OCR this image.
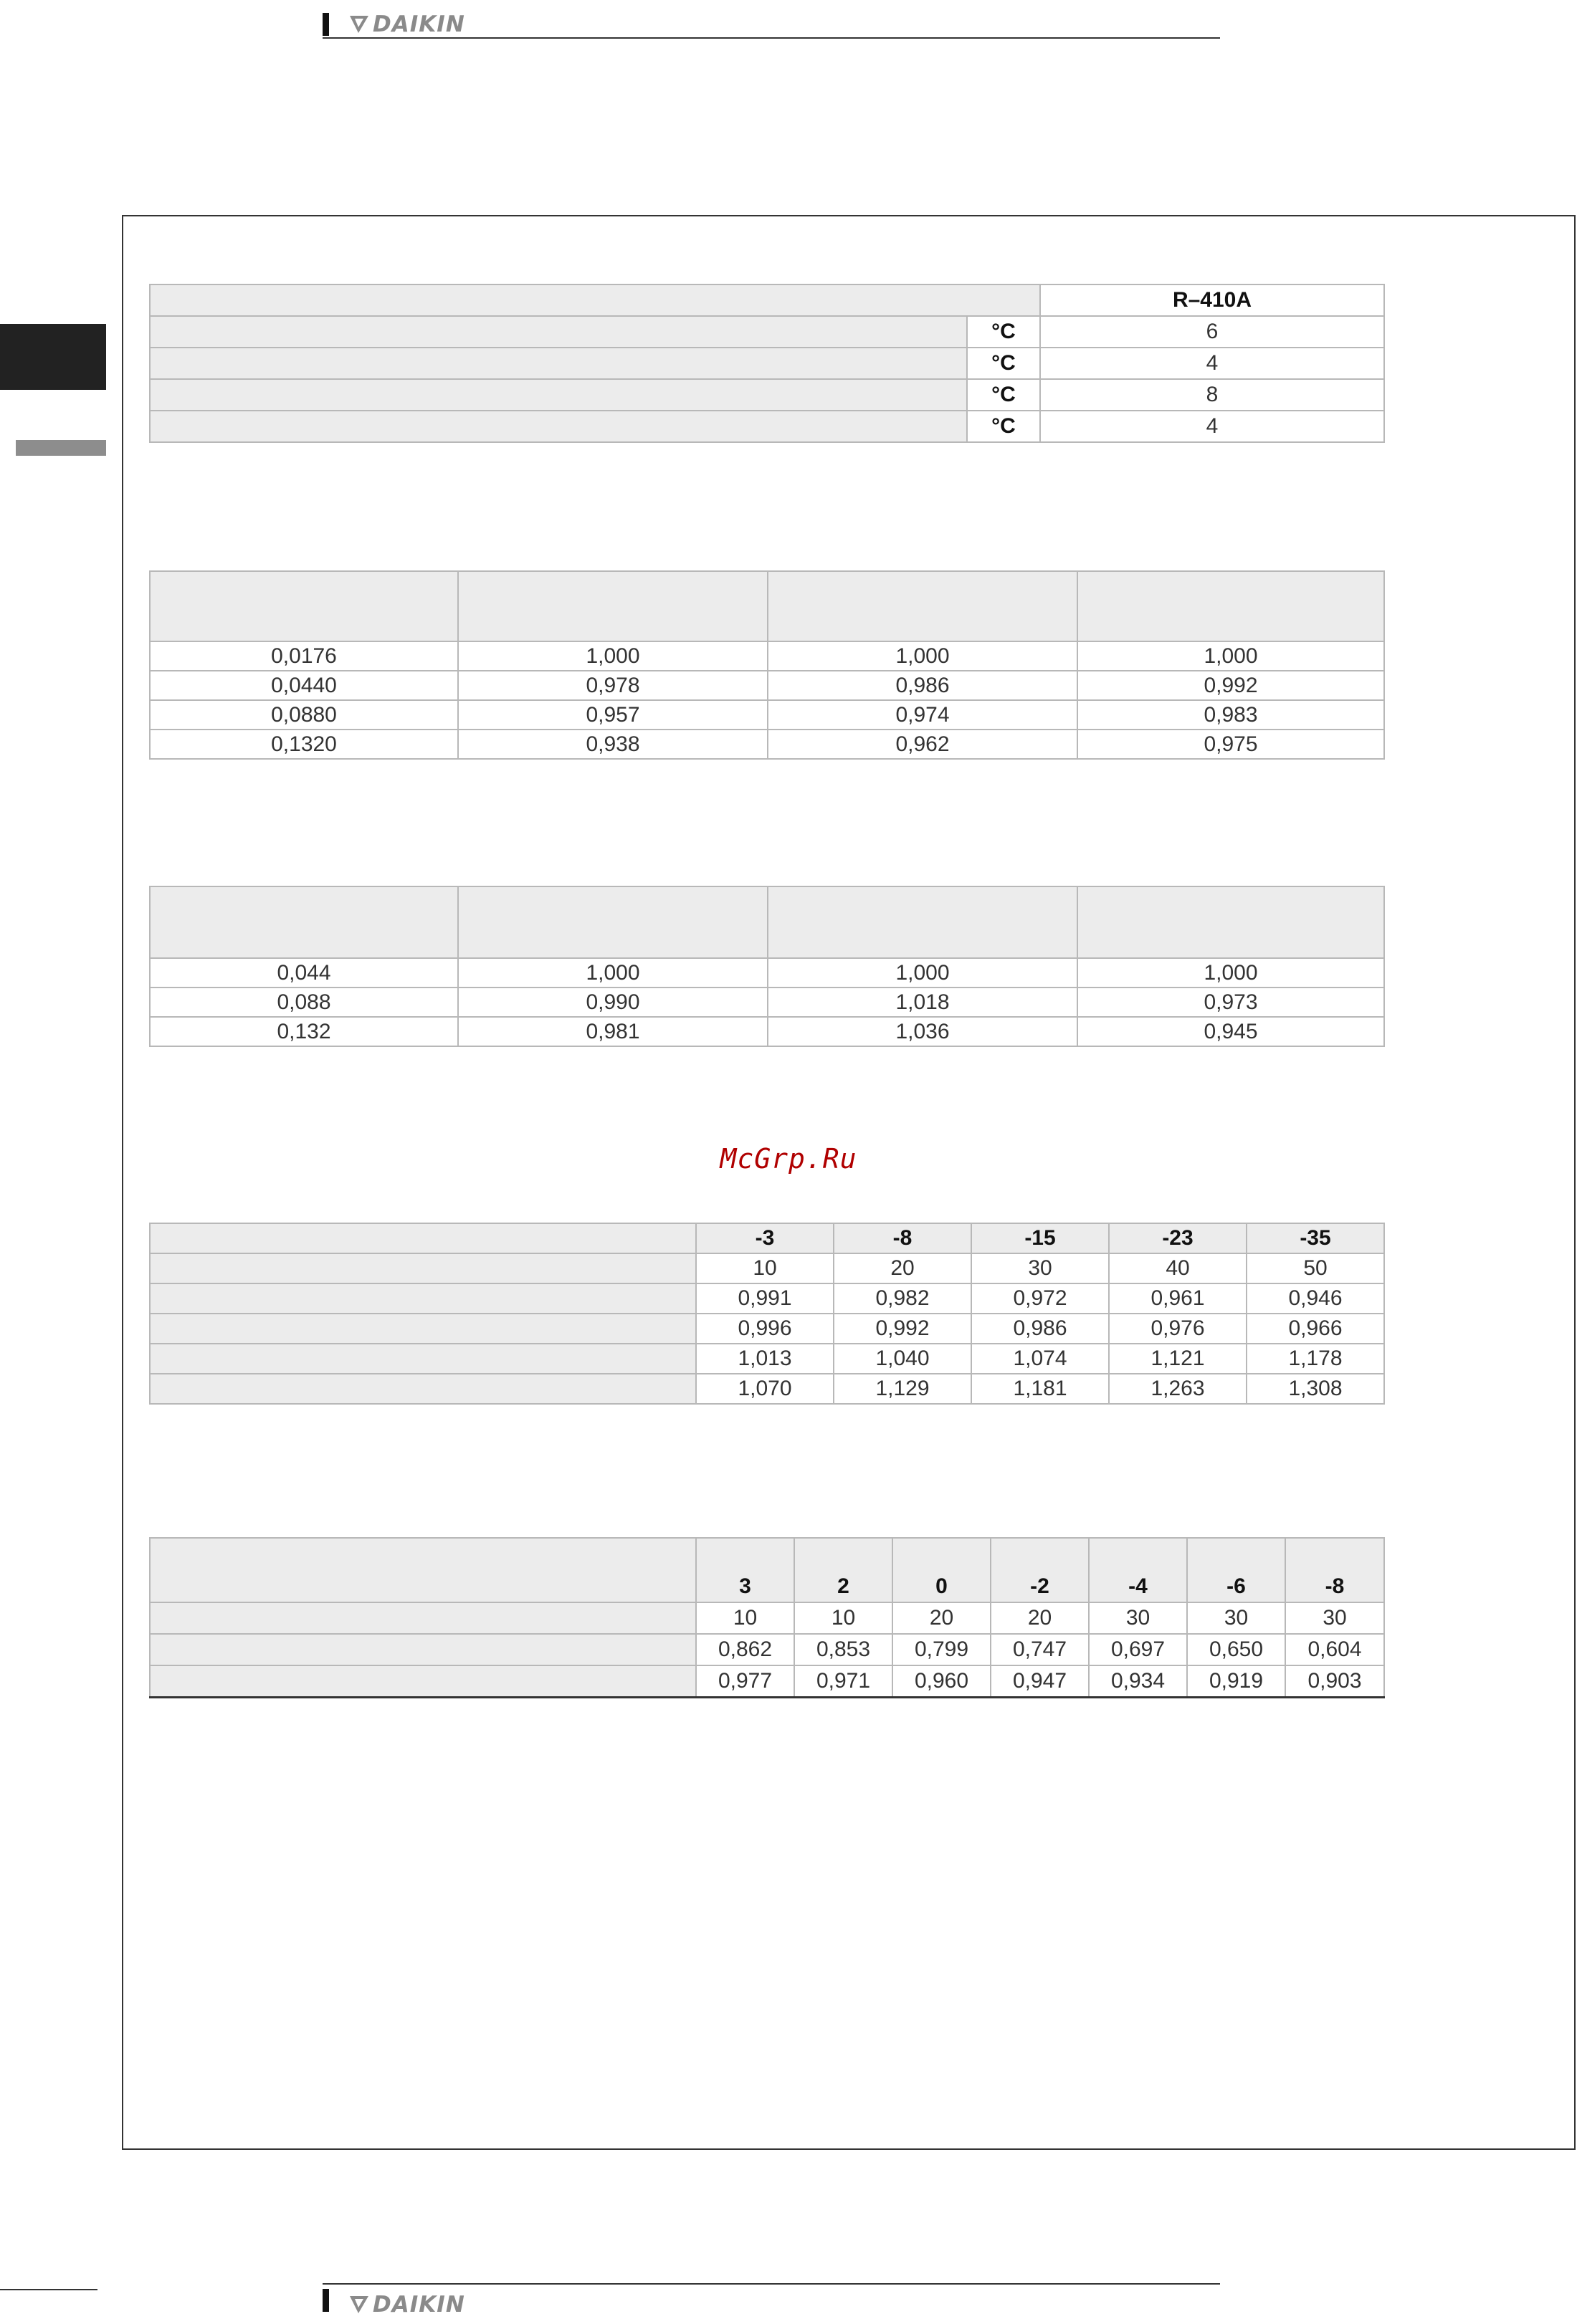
DAIKIN
		R–410A
	°C	6
	°C	4
	°C	8
	°C	4

0,0176	1,000	1,000	1,000
0,0440	0,978	0,986	0,992
0,0880	0,957	0,974	0,983
0,1320	0,938	0,962	0,975

0,044	1,000	1,000	1,000
0,088	0,990	1,018	0,973
0,132	0,981	1,036	0,945
McGrp.Ru
	-3	-8	-15	-23	-35
	10	20	30	40	50
	0,991	0,982	0,972	0,961	0,946
	0,996	0,992	0,986	0,976	0,966
	1,013	1,040	1,074	1,121	1,178
	1,070	1,129	1,181	1,263	1,308
	3	2	0	-2	-4	-6	-8
	10	10	20	20	30	30	30
	0,862	0,853	0,799	0,747	0,697	0,650	0,604
	0,977	0,971	0,960	0,947	0,934	0,919	0,903
DAIKIN
